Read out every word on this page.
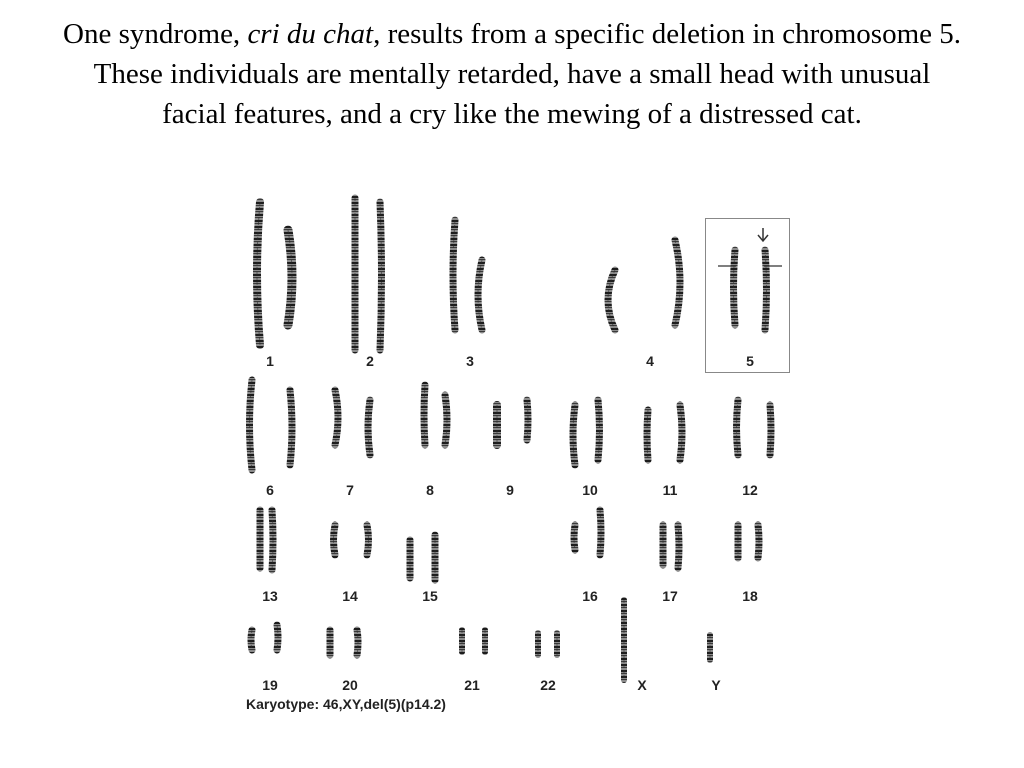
One syndrome, cri du chat, results from a specific deletion in chromosome 5. These individuals are mentally retarded, have a small head with unusual facial features, and a cry like the mewing of a distressed cat.
1	2	3	4	5
6	7	8	9	10	11	12
13	14	15	16	17	18
19	20	21	22	X	Y
Karyotype: 46,XY,del(5)(p14.2)
